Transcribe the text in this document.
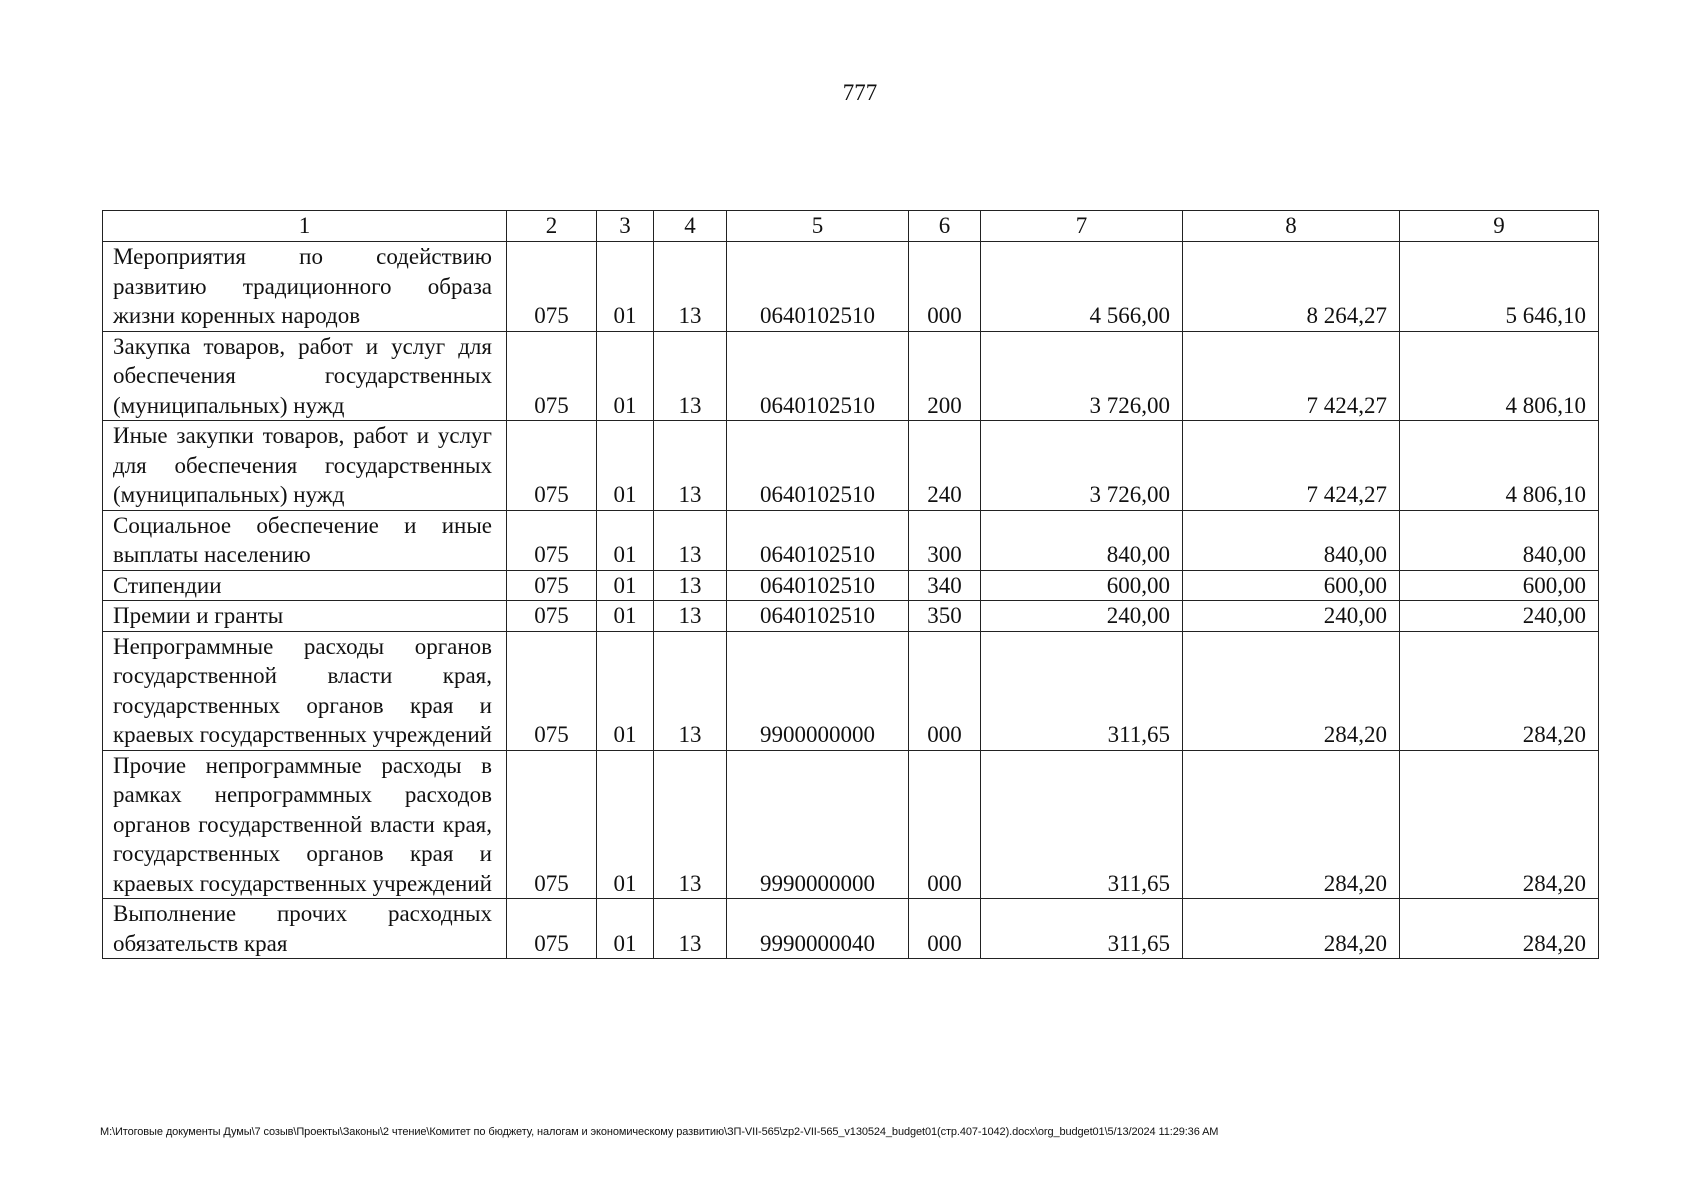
777
1	2	3	4	5	6	7	8	9
Мероприятия по содействию развитию традиционного образа жизни коренных народов	075	01	13	0640102510	000	4 566,00	8 264,27	5 646,10
Закупка товаров, работ и услуг для обеспечения государственных (муниципальных) нужд	075	01	13	0640102510	200	3 726,00	7 424,27	4 806,10
Иные закупки товаров, работ и услуг для обеспечения государственных (муниципальных) нужд	075	01	13	0640102510	240	3 726,00	7 424,27	4 806,10
Социальное обеспечение и иные выплаты населению	075	01	13	0640102510	300	840,00	840,00	840,00
Стипендии	075	01	13	0640102510	340	600,00	600,00	600,00
Премии и гранты	075	01	13	0640102510	350	240,00	240,00	240,00
Непрограммные расходы органов государственной власти края, государственных органов края и краевых государственных учреждений	075	01	13	9900000000	000	311,65	284,20	284,20
Прочие непрограммные расходы в рамках непрограммных расходов органов государственной власти края, государственных органов края и краевых государственных учреждений	075	01	13	9990000000	000	311,65	284,20	284,20
Выполнение прочих расходных обязательств края	075	01	13	9990000040	000	311,65	284,20	284,20
M:\Итоговые документы Думы\7 созыв\Проекты\Законы\2 чтение\Комитет по бюджету, налогам и экономическому развитию\ЗП-VII-565\zp2-VII-565_v130524_budget01(стр.407-1042).docx\org_budget01\5/13/2024 11:29:36 AM
